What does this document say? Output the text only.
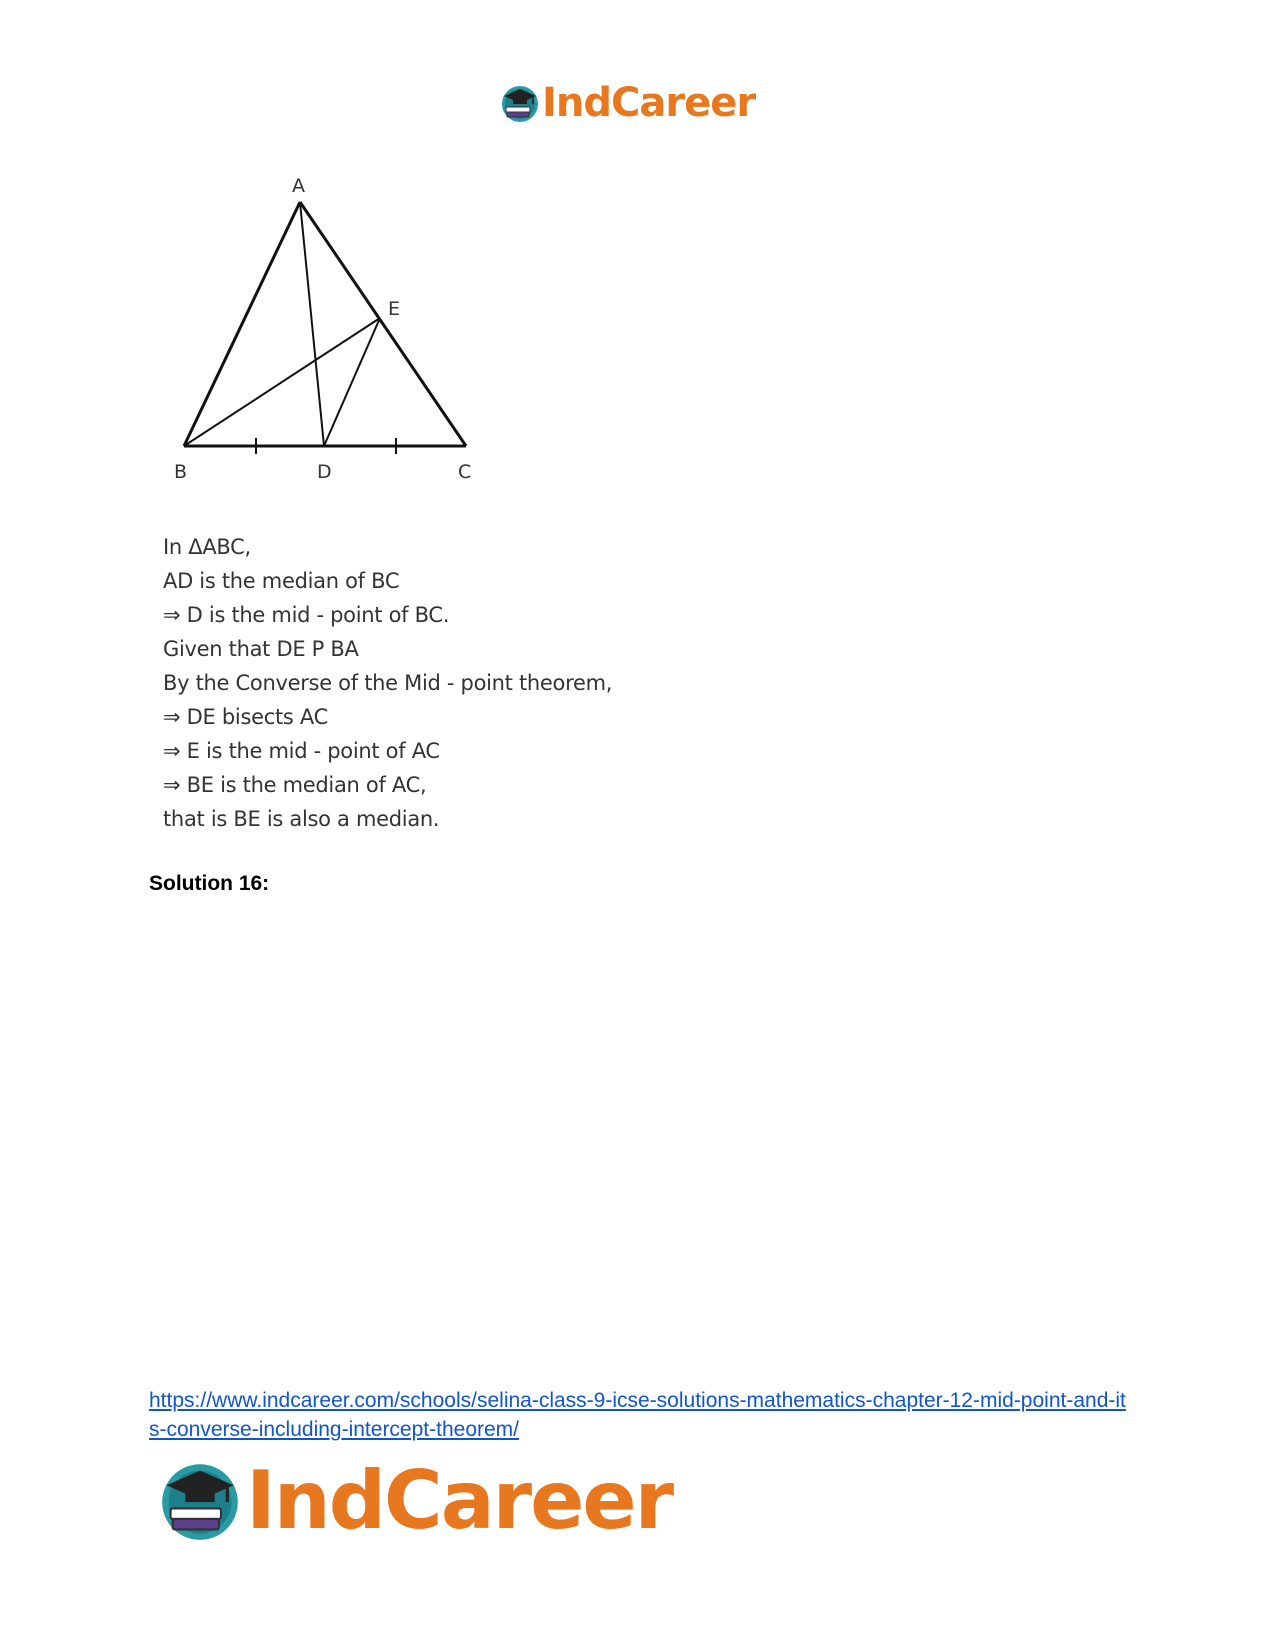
IndCareer
A
E
B	D	C
In ΔABC,
AD is the median of BC
⇒ D is the mid - point of BC.
Given that DE P BA
By the Converse of the Mid - point theorem,
⇒ DE bisects AC
⇒ E is the mid - point of AC
⇒ BE is the median of AC,
that is BE is also a median.
Solution 16:
https://www.indcareer.com/schools/selina-class-9-icse-solutions-mathematics-chapter-12-mid-point-and-its-converse-including-intercept-theorem/
IndCareer
